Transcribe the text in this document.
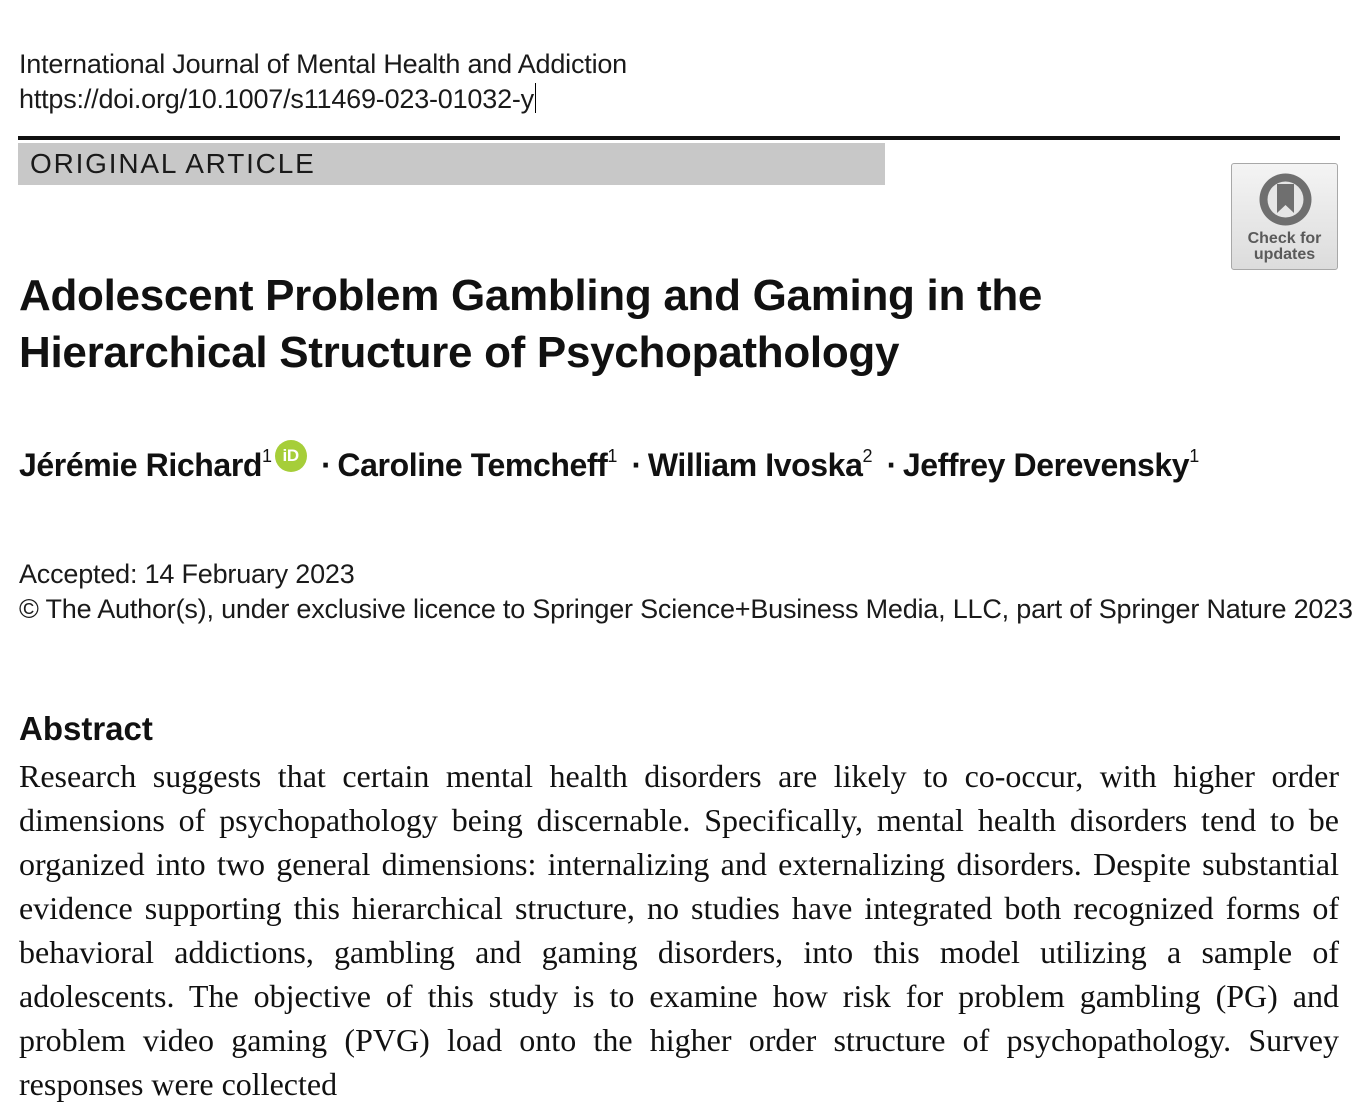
International Journal of Mental Health and Addiction
https://doi.org/10.1007/s11469-023-01032-y
ORIGINAL ARTICLE
Check for
updates
Adolescent Problem Gambling and Gaming in the
Hierarchical Structure of Psychopathology
Jérémie Richard$^1$ iD · Caroline Temcheff$^1$ · William Ivoska$^2$ · Jeffrey Derevensky$^1$
Accepted: 14 February 2023
© The Author(s), under exclusive licence to Springer Science+Business Media, LLC, part of Springer Nature 2023
Abstract

Research suggests that certain mental health disorders are likely to co-occur, with higher order dimensions of psychopathology being discernable. Specifically, mental health disorders tend to be organized into two general dimensions: internalizing and externalizing disorders. Despite substantial evidence supporting this hierarchical structure, no studies have integrated both recognized forms of behavioral addictions, gambling and gaming disorders, into this model utilizing a sample of adolescents. The objective of this study is to examine how risk for problem gambling (PG) and problem video gaming (PVG) load onto the higher order structure of psychopathology. Survey responses were collected
